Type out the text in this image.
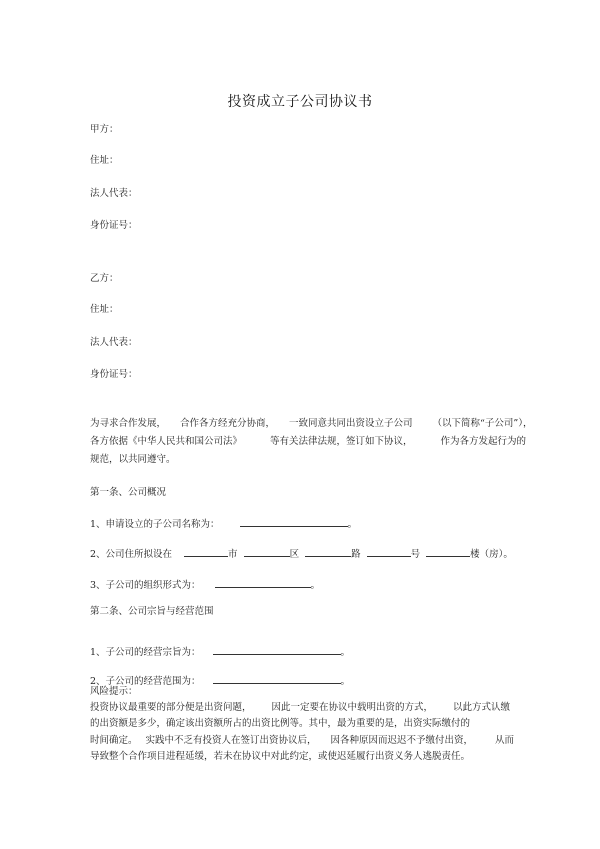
投资成立子公司协议书
甲方：
住址：
法人代表：
身份证号：
乙方：
住址：
法人代表：
身份证号：
为寻求合作发展， 合作各方经充分协商， 一致同意共同出资设立子公司 （以下简称“子公司”），
各方依据《中华人民共和国公司法》	等有关法律法规，签订如下协议，	作为各方发起行为的
规范，以共同遵守。
第一条、公司概况
1、申请设立的子公司名称为：	。
2、公司住所拟设在	市	区	路	号	楼（房）。
3、子公司的组织形式为：	。
第二条、公司宗旨与经营范围
1、子公司的经营宗旨为：	。
2、子公司的经营范围为：	。
风险提示：
投资协议最重要的部分便是出资问题， 因此一定要在协议中载明出资的方式， 以此方式认缴
的出资额是多少，确定该出资额所占的出资比例等。其中，最为重要的是，出资实际缴付的
时间确定。 实践中不乏有投资人在签订出资协议后， 因各种原因而迟迟不予缴付出资， 从而
导致整个合作项目进程延缓，若未在协议中对此约定，或使迟延履行出资义务人逃脱责任。
